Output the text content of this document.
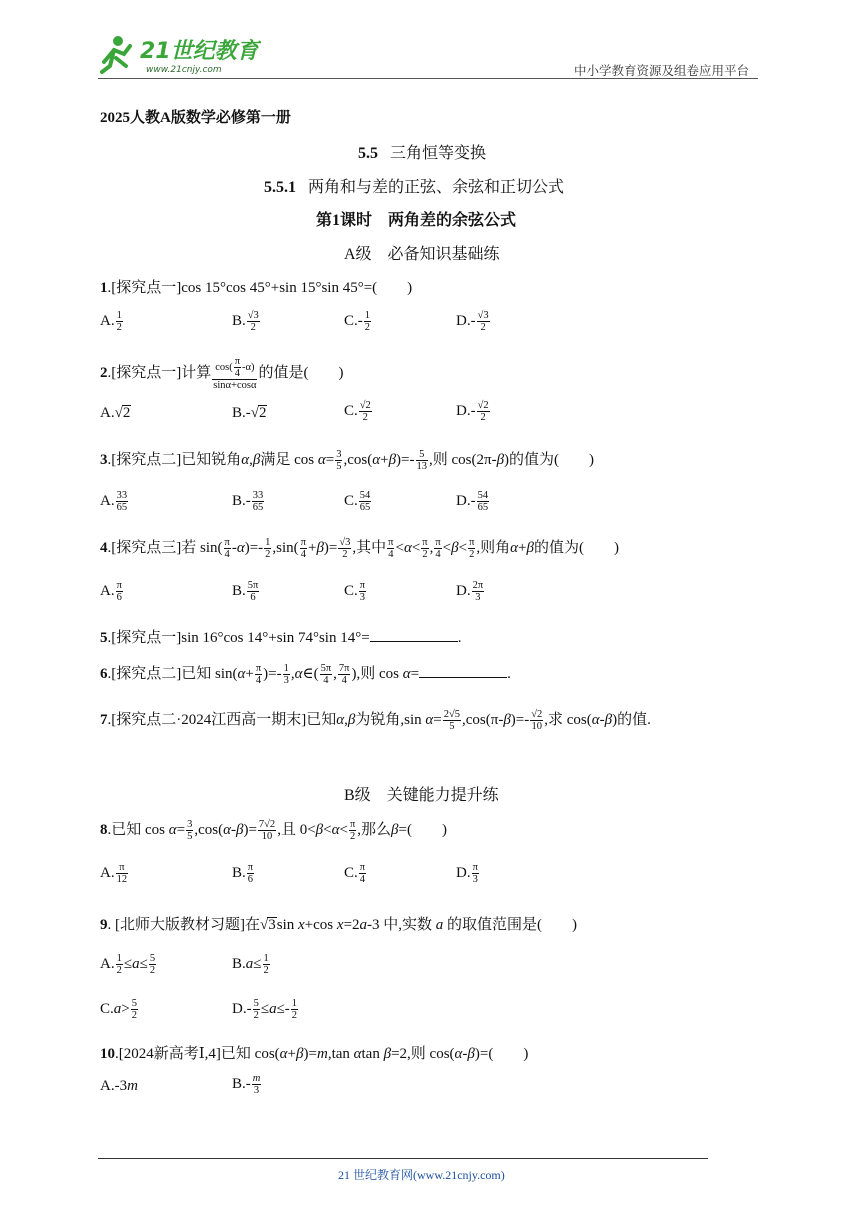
21世纪教育
www.21cnjy.com	中小学教育资源及组卷应用平台
2025人教A版数学必修第一册
5.5 三角恒等变换
5.5.1 两角和与差的正弦、余弦和正切公式
第1课时　两角差的余弦公式
A级　必备知识基础练
1.[探究点一]cos 15°cos 45°+sin 15°sin 45°=(　　)
A. $\frac{1}{2}$	B. $\frac{√3}{2}$	$C.- \frac{1}{2}$	$D.- \frac{√3}{2}$
2.[探究点一]计算 $\frac{\cos( \frac{\pi}{4} -\alpha)}{\sin\alpha+\cos\alpha}$ 的值是(　　)
A.√2	B.-√2	C. $\frac{√2}{2}$	$D.- \frac{√2}{2}$
3.[探究点二]已知锐角α,β满足 $\cos \alpha= \frac{3}{5} ,\cos(\alpha+\beta)=- \frac{5}{13}$ ,则 cos(2π-β)的值为(　　)
A. $\frac{33}{65}$	$B.- \frac{33}{65}$	C. $\frac{54}{65}$	$D.- \frac{54}{65}$
4.[探究点三]若 $\sin( \frac{\pi}{4} -\alpha)=- \frac{1}{2} ,\sin( \frac{\pi}{4} +\beta)= \frac{√3}{2}$ ,其中 $\frac{\pi}{4} <\alpha< \frac{\pi}{2}$ , $\frac{\pi}{4} <\beta< \frac{\pi}{2}$ ,则角α+β的值为(　　)
A. $\frac{\pi}{6}$	B. $\frac{5\pi}{6}$	C. $\frac{\pi}{3}$	D. $\frac{2\pi}{3}$
5.[探究点一]sin 16°cos 14°+sin 74°sin 14°=	.
6.[探究点二]已知 $\sin(\alpha+ \frac{\pi}{4}$ )=- $\frac{1}{3}$ ,α∈( $\frac{5\pi}{4}$ , $\frac{7\pi}{4}$ ),则 cos α=	.
7.[探究点二·2024江西高一期末]已知α,β为锐角,sin $\alpha= \frac{2√5}{5} ,\cos(\pi-\beta)=- \frac{√2}{10}$ ,求 cos(α-β)的值.
B级　关键能力提升练
8.已知 $\cos \alpha= \frac{3}{5} ,\cos(\alpha-\beta)= \frac{7√2}{10}$ ,且 $0<\beta<\alpha< \frac{\pi}{2}$ ,那么β=(　　)
A. $\frac{\pi}{12}$	B. $\frac{\pi}{6}$	C. $\frac{\pi}{4}$	D. $\frac{\pi}{3}$
9. [北师大版教材习题]在√3sin x+cos x=2a-3 中,实数 a 的取值范围是(　　)
A. $\frac{1}{2} \le a\le \frac{5}{2}$	$B.a\le \frac{1}{2}$
$C.a> \frac{5}{2}$	$D.- \frac{5}{2} \le a\le- \frac{1}{2}$
10.[2024新高考Ⅰ,4]已知 cos(α+β)=m,tan αtan β=2,则 cos(α-β)=(　　)
A.-3m	$B.- \frac{m}{3}$
21 世纪教育网(www.21cnjy.com)
